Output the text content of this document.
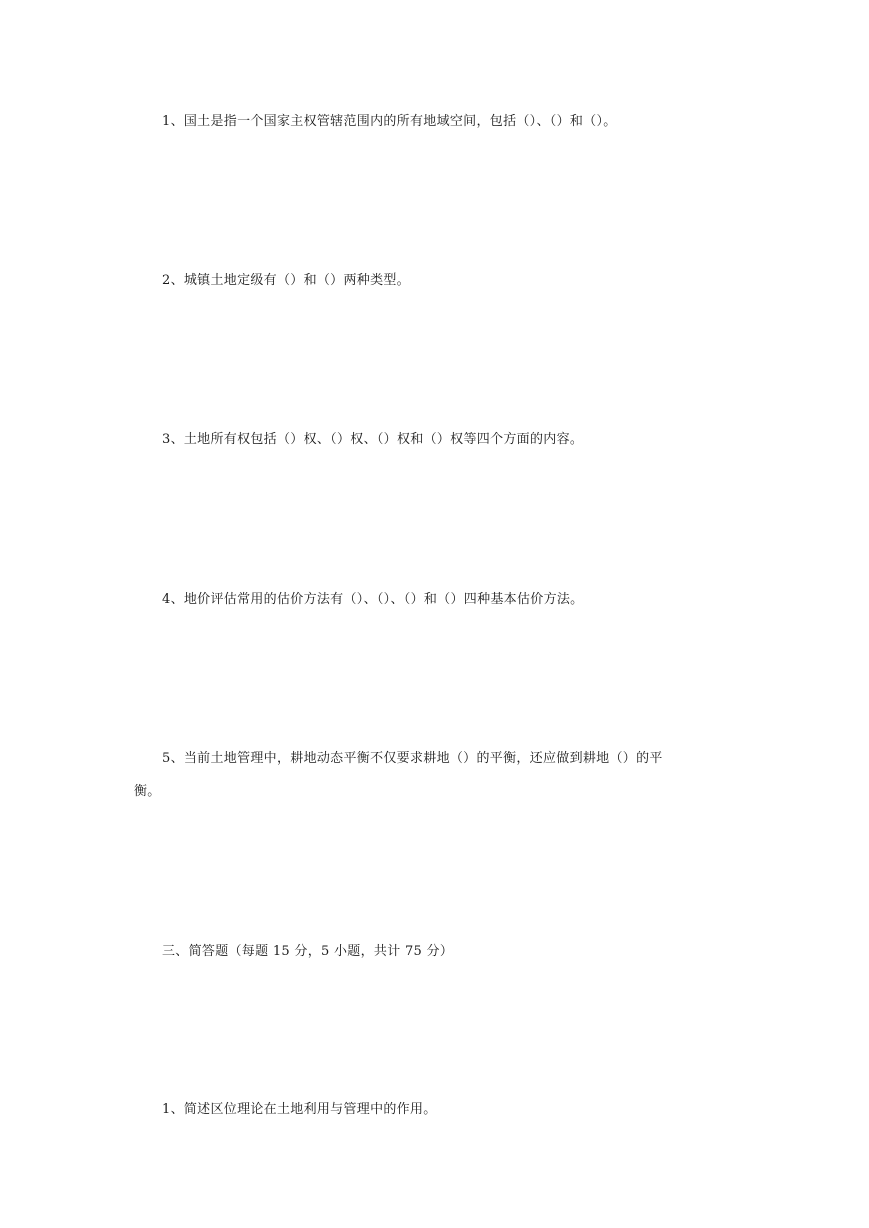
1、国土是指一个国家主权管辖范围内的所有地域空间，包括（）、（）和（）。
2、城镇土地定级有（）和（）两种类型。
3、土地所有权包括（）权、（）权、（）权和（）权等四个方面的内容。
4、地价评估常用的估价方法有（）、（）、（）和（）四种基本估价方法。
5、当前土地管理中，耕地动态平衡不仅要求耕地（）的平衡，还应做到耕地（）的平
衡。
三、简答题（每题 15 分，5 小题，共计 75 分）
1、简述区位理论在土地利用与管理中的作用。
